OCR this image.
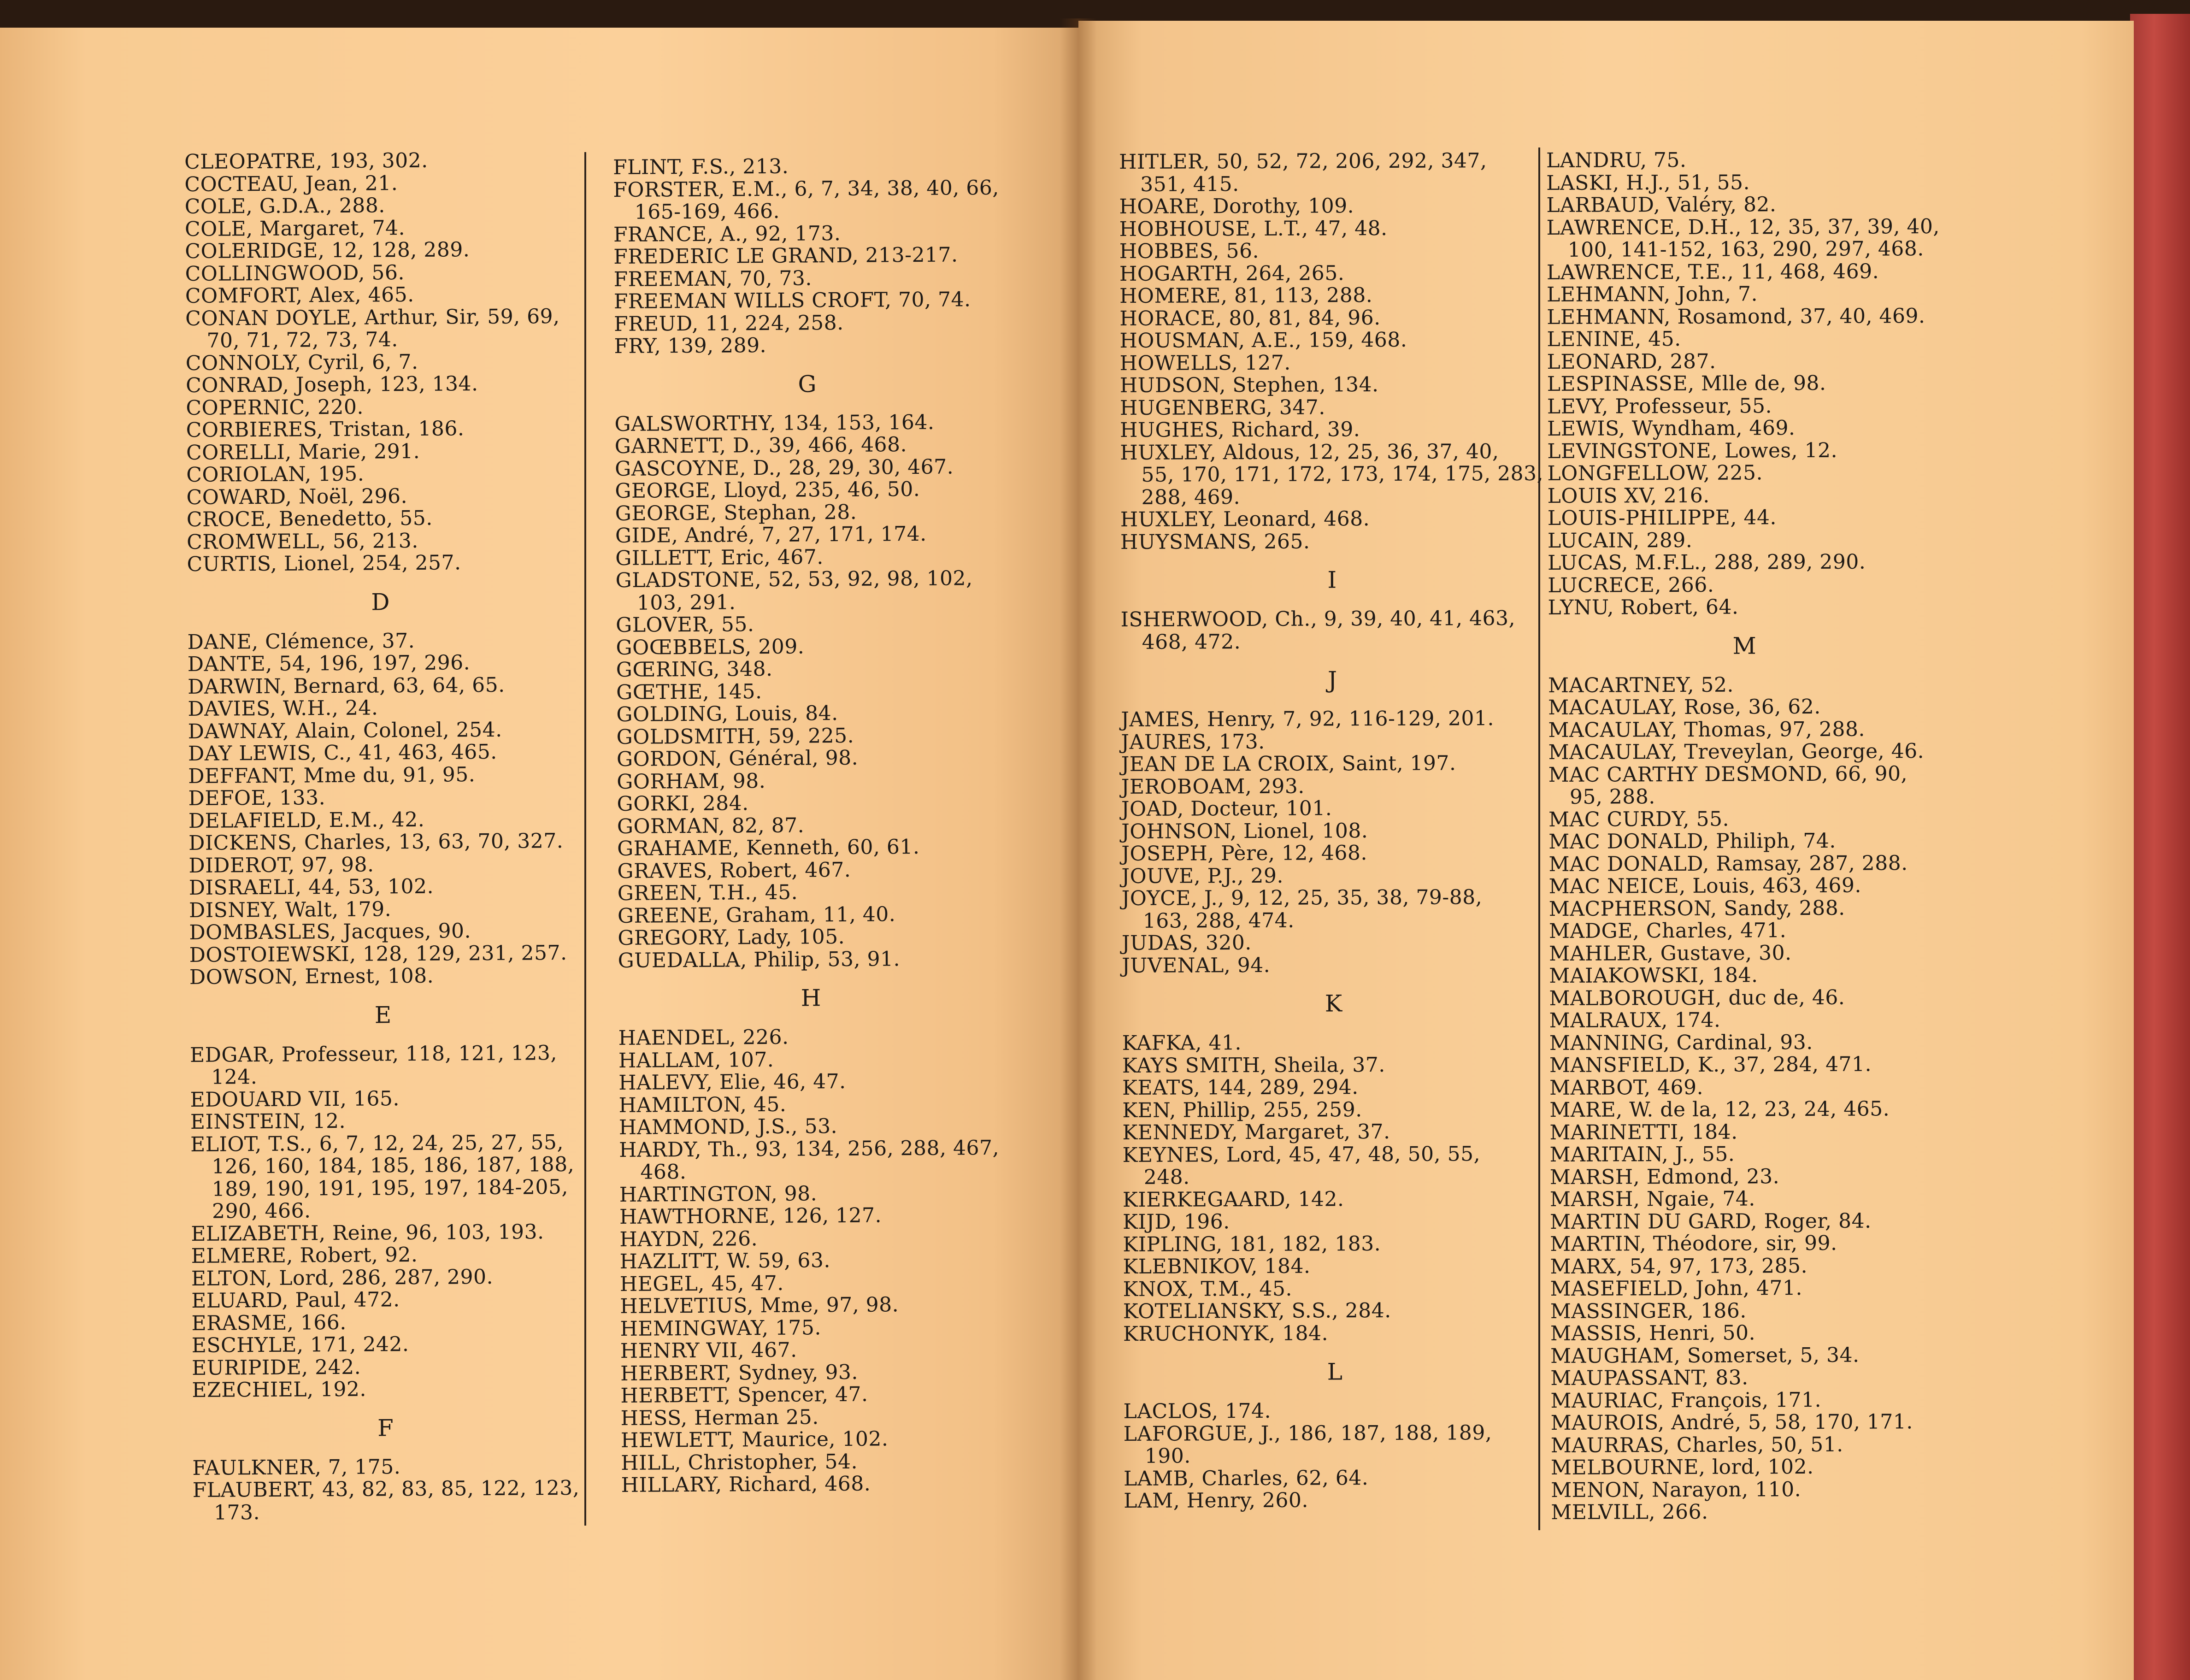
CLEOPATRE, 193, 302.
COCTEAU, Jean, 21.
COLE, G.D.A., 288.
COLE, Margaret, 74.
COLERIDGE, 12, 128, 289.
COLLINGWOOD, 56.
COMFORT, Alex, 465.
CONAN DOYLE, Arthur, Sir, 59, 69,
70, 71, 72, 73, 74.
CONNOLY, Cyril, 6, 7.
CONRAD, Joseph, 123, 134.
COPERNIC, 220.
CORBIERES, Tristan, 186.
CORELLI, Marie, 291.
CORIOLAN, 195.
COWARD, Noël, 296.
CROCE, Benedetto, 55.
CROMWELL, 56, 213.
CURTIS, Lionel, 254, 257.
D
DANE, Clémence, 37.
DANTE, 54, 196, 197, 296.
DARWIN, Bernard, 63, 64, 65.
DAVIES, W.H., 24.
DAWNAY, Alain, Colonel, 254.
DAY LEWIS, C., 41, 463, 465.
DEFFANT, Mme du, 91, 95.
DEFOE, 133.
DELAFIELD, E.M., 42.
DICKENS, Charles, 13, 63, 70, 327.
DIDEROT, 97, 98.
DISRAELI, 44, 53, 102.
DISNEY, Walt, 179.
DOMBASLES, Jacques, 90.
DOSTOIEWSKI, 128, 129, 231, 257.
DOWSON, Ernest, 108.
E
EDGAR, Professeur, 118, 121, 123,
124.
EDOUARD VII, 165.
EINSTEIN, 12.
ELIOT, T.S., 6, 7, 12, 24, 25, 27, 55,
126, 160, 184, 185, 186, 187, 188,
189, 190, 191, 195, 197, 184-205,
290, 466.
ELIZABETH, Reine, 96, 103, 193.
ELMERE, Robert, 92.
ELTON, Lord, 286, 287, 290.
ELUARD, Paul, 472.
ERASME, 166.
ESCHYLE, 171, 242.
EURIPIDE, 242.
EZECHIEL, 192.
F
FAULKNER, 7, 175.
FLAUBERT, 43, 82, 83, 85, 122, 123,
173.
FLINT, F.S., 213.
FORSTER, E.M., 6, 7, 34, 38, 40, 66,
165-169, 466.
FRANCE, A., 92, 173.
FREDERIC LE GRAND, 213-217.
FREEMAN, 70, 73.
FREEMAN WILLS CROFT, 70, 74.
FREUD, 11, 224, 258.
FRY, 139, 289.
G
GALSWORTHY, 134, 153, 164.
GARNETT, D., 39, 466, 468.
GASCOYNE, D., 28, 29, 30, 467.
GEORGE, Lloyd, 235, 46, 50.
GEORGE, Stephan, 28.
GIDE, André, 7, 27, 171, 174.
GILLETT, Eric, 467.
GLADSTONE, 52, 53, 92, 98, 102,
103, 291.
GLOVER, 55.
GOŒBBELS, 209.
GŒRING, 348.
GŒTHE, 145.
GOLDING, Louis, 84.
GOLDSMITH, 59, 225.
GORDON, Général, 98.
GORHAM, 98.
GORKI, 284.
GORMAN, 82, 87.
GRAHAME, Kenneth, 60, 61.
GRAVES, Robert, 467.
GREEN, T.H., 45.
GREENE, Graham, 11, 40.
GREGORY, Lady, 105.
GUEDALLA, Philip, 53, 91.
H
HAENDEL, 226.
HALLAM, 107.
HALEVY, Elie, 46, 47.
HAMILTON, 45.
HAMMOND, J.S., 53.
HARDY, Th., 93, 134, 256, 288, 467,
468.
HARTINGTON, 98.
HAWTHORNE, 126, 127.
HAYDN, 226.
HAZLITT, W. 59, 63.
HEGEL, 45, 47.
HELVETIUS, Mme, 97, 98.
HEMINGWAY, 175.
HENRY VII, 467.
HERBERT, Sydney, 93.
HERBETT, Spencer, 47.
HESS, Herman 25.
HEWLETT, Maurice, 102.
HILL, Christopher, 54.
HILLARY, Richard, 468.
HITLER, 50, 52, 72, 206, 292, 347,
351, 415.
HOARE, Dorothy, 109.
HOBHOUSE, L.T., 47, 48.
HOBBES, 56.
HOGARTH, 264, 265.
HOMERE, 81, 113, 288.
HORACE, 80, 81, 84, 96.
HOUSMAN, A.E., 159, 468.
HOWELLS, 127.
HUDSON, Stephen, 134.
HUGENBERG, 347.
HUGHES, Richard, 39.
HUXLEY, Aldous, 12, 25, 36, 37, 40,
55, 170, 171, 172, 173, 174, 175, 283,
288, 469.
HUXLEY, Leonard, 468.
HUYSMANS, 265.
I
ISHERWOOD, Ch., 9, 39, 40, 41, 463,
468, 472.
J
JAMES, Henry, 7, 92, 116-129, 201.
JAURES, 173.
JEAN DE LA CROIX, Saint, 197.
JEROBOAM, 293.
JOAD, Docteur, 101.
JOHNSON, Lionel, 108.
JOSEPH, Père, 12, 468.
JOUVE, P.J., 29.
JOYCE, J., 9, 12, 25, 35, 38, 79-88,
163, 288, 474.
JUDAS, 320.
JUVENAL, 94.
K
KAFKA, 41.
KAYS SMITH, Sheila, 37.
KEATS, 144, 289, 294.
KEN, Phillip, 255, 259.
KENNEDY, Margaret, 37.
KEYNES, Lord, 45, 47, 48, 50, 55,
248.
KIERKEGAARD, 142.
KIJD, 196.
KIPLING, 181, 182, 183.
KLEBNIKOV, 184.
KNOX, T.M., 45.
KOTELIANSKY, S.S., 284.
KRUCHONYK, 184.
L
LACLOS, 174.
LAFORGUE, J., 186, 187, 188, 189,
190.
LAMB, Charles, 62, 64.
LAM, Henry, 260.
LANDRU, 75.
LASKI, H.J., 51, 55.
LARBAUD, Valéry, 82.
LAWRENCE, D.H., 12, 35, 37, 39, 40,
100, 141-152, 163, 290, 297, 468.
LAWRENCE, T.E., 11, 468, 469.
LEHMANN, John, 7.
LEHMANN, Rosamond, 37, 40, 469.
LENINE, 45.
LEONARD, 287.
LESPINASSE, Mlle de, 98.
LEVY, Professeur, 55.
LEWIS, Wyndham, 469.
LEVINGSTONE, Lowes, 12.
LONGFELLOW, 225.
LOUIS XV, 216.
LOUIS-PHILIPPE, 44.
LUCAIN, 289.
LUCAS, M.F.L., 288, 289, 290.
LUCRECE, 266.
LYNU, Robert, 64.
M
MACARTNEY, 52.
MACAULAY, Rose, 36, 62.
MACAULAY, Thomas, 97, 288.
MACAULAY, Treveylan, George, 46.
MAC CARTHY DESMOND, 66, 90,
95, 288.
MAC CURDY, 55.
MAC DONALD, Philiph, 74.
MAC DONALD, Ramsay, 287, 288.
MAC NEICE, Louis, 463, 469.
MACPHERSON, Sandy, 288.
MADGE, Charles, 471.
MAHLER, Gustave, 30.
MAIAKOWSKI, 184.
MALBOROUGH, duc de, 46.
MALRAUX, 174.
MANNING, Cardinal, 93.
MANSFIELD, K., 37, 284, 471.
MARBOT, 469.
MARE, W. de la, 12, 23, 24, 465.
MARINETTI, 184.
MARITAIN, J., 55.
MARSH, Edmond, 23.
MARSH, Ngaie, 74.
MARTIN DU GARD, Roger, 84.
MARTIN, Théodore, sir, 99.
MARX, 54, 97, 173, 285.
MASEFIELD, John, 471.
MASSINGER, 186.
MASSIS, Henri, 50.
MAUGHAM, Somerset, 5, 34.
MAUPASSANT, 83.
MAURIAC, François, 171.
MAUROIS, André, 5, 58, 170, 171.
MAURRAS, Charles, 50, 51.
MELBOURNE, lord, 102.
MENON, Narayon, 110.
MELVILL, 266.
